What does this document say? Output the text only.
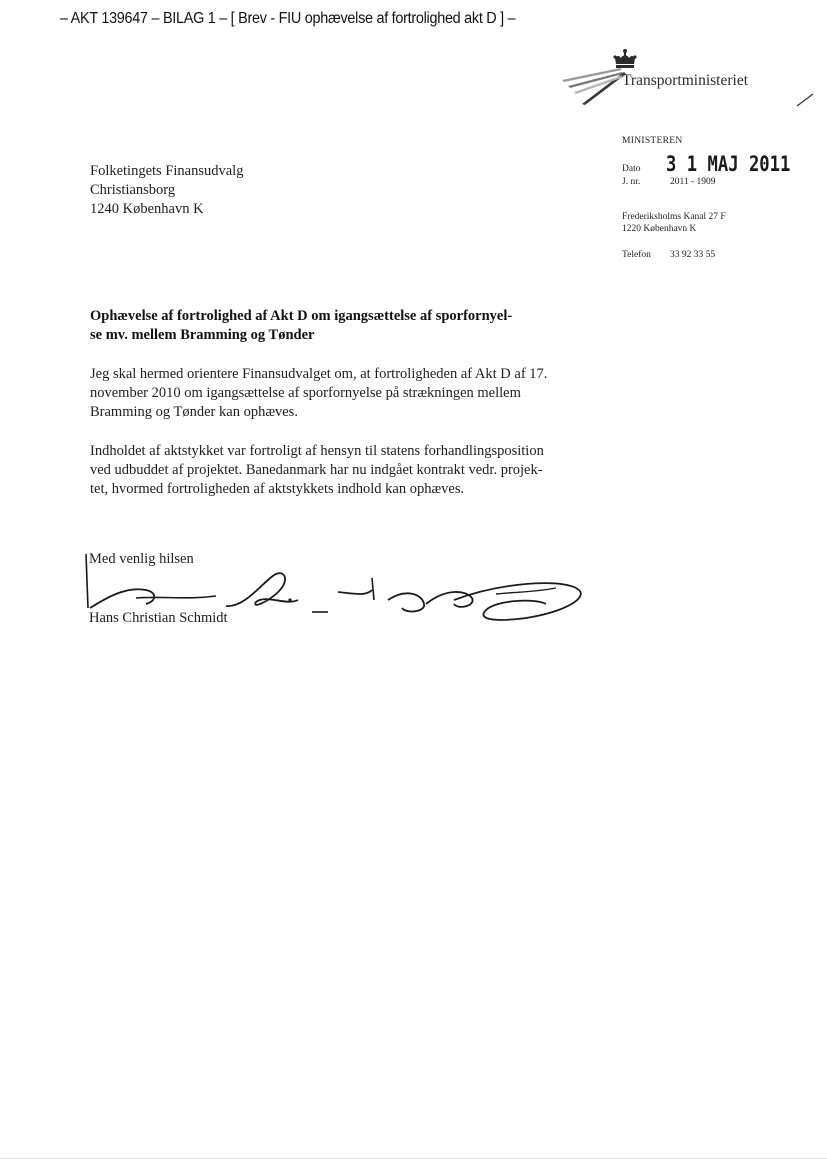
– AKT 139647 – BILAG 1 – [ Brev - FIU ophævelse af fortrolighed akt D ] –
Transportministeriet
MINISTEREN
Dato 3 1 MAJ 2011
J. nr.	2011 - 1909
Frederiksholms Kanal 27 F
1220 København K
Telefon 33 92 33 55
Folketingets Finansudvalg
Christiansborg
1240 København K
Ophævelse af fortrolighed af Akt D om igangsættelse af sporfornyel-
se mv. mellem Bramming og Tønder
Jeg skal hermed orientere Finansudvalget om, at fortroligheden af Akt D af 17.
november 2010 om igangsættelse af sporfornyelse på strækningen mellem
Bramming og Tønder kan ophæves.
Indholdet af aktstykket var fortroligt af hensyn til statens forhandlingsposition
ved udbuddet af projektet. Banedanmark har nu indgået kontrakt vedr. projek-
tet, hvormed fortroligheden af aktstykkets indhold kan ophæves.
Med venlig hilsen
Hans Christian Schmidt
